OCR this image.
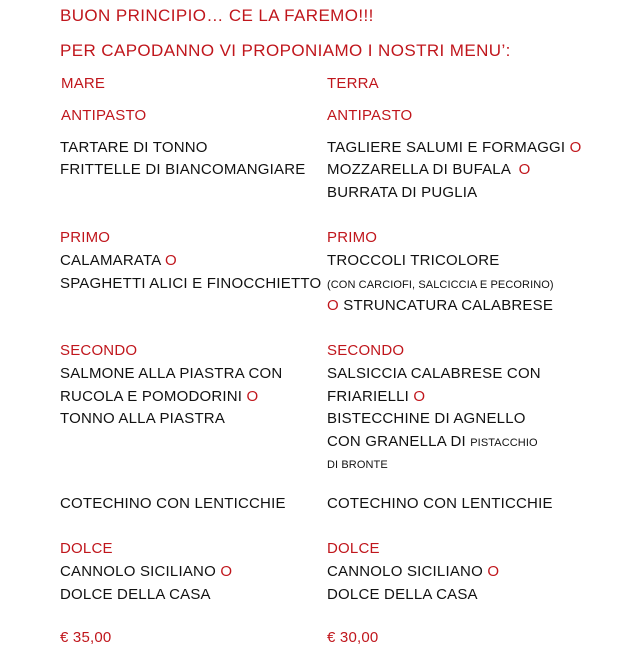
BUON PRINCIPIO… CE LA FAREMO!!!
PER CAPODANNO VI PROPONIAMO I NOSTRI MENU’:
MARE
ANTIPASTO
TARTARE DI TONNO
FRITTELLE DI BIANCOMANGIARE
PRIMO
CALAMARATA O
SPAGHETTI ALICI E FINOCCHIETTO
SECONDO
SALMONE ALLA PIASTRA CON
RUCOLA E POMODORINI O
TONNO ALLA PIASTRA
COTECHINO CON LENTICCHIE
DOLCE
CANNOLO SICILIANO O
DOLCE DELLA CASA
€ 35,00
TERRA
ANTIPASTO
TAGLIERE SALUMI E FORMAGGI O
MOZZARELLA DI BUFALA O
BURRATA DI PUGLIA
PRIMO
TROCCOLI TRICOLORE
(CON CARCIOFI, SALCICCIA E PECORINO)
O STRUNCATURA CALABRESE
SECONDO
SALSICCIA CALABRESE CON
FRIARIELLI O
BISTECCHINE DI AGNELLO
CON GRANELLA DI PISTACCHIO
DI BRONTE
COTECHINO CON LENTICCHIE
DOLCE
CANNOLO SICILIANO O
DOLCE DELLA CASA
€ 30,00
